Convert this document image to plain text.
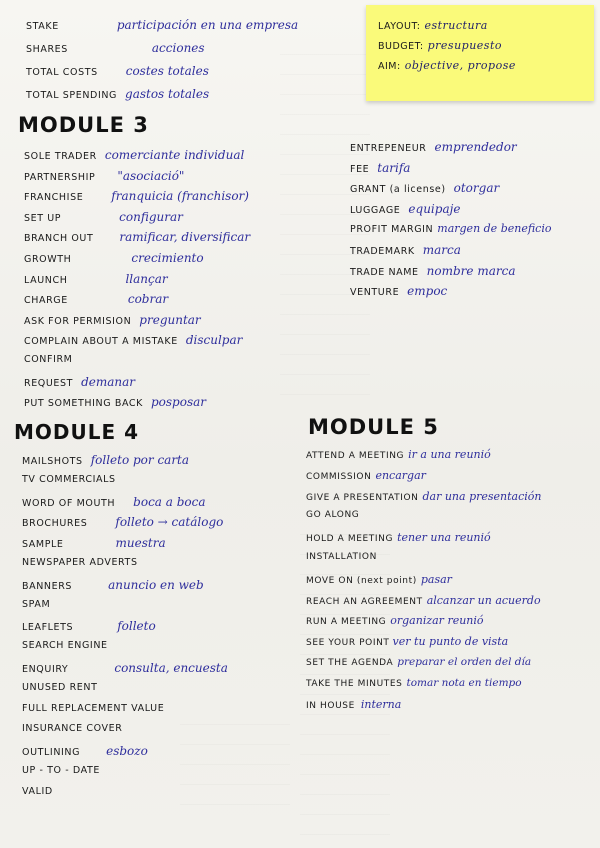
STAKE	participación en una empresa
SHARES	acciones
TOTAL COSTS costes totales
TOTAL SPENDING gastos totales
LAYOUT: estructura
BUDGET: presupuesto
AIM: objective, propose
MODULE 3
SOLE TRADER comerciante individual
PARTNERSHIP "asociació"
FRANCHISE franquicia (franchisor)
SET UP	configurar
BRANCH OUT ramificar, diversificar
GROWTH	crecimiento
LAUNCH	llançar
CHARGE	cobrar
ASK FOR PERMISION preguntar
COMPLAIN ABOUT A MISTAKE disculpar
CONFIRM
REQUEST demanar
PUT SOMETHING BACK posposar
ENTREPENEUR emprendedor
FEE tarifa
GRANT (a license) otorgar
LUGGAGE equipaje
PROFIT MARGIN margen de beneficio
TRADEMARK marca
TRADE NAME nombre marca
VENTURE empoc
MODULE 4
MAILSHOTS folleto por carta
TV COMMERCIALS
WORD OF MOUTH boca a boca
BROCHURES folleto → catálogo
SAMPLE	muestra
NEWSPAPER ADVERTS
BANNERS	anuncio en web
SPAM
LEAFLETS	folleto
SEARCH ENGINE
ENQUIRY	consulta, encuesta
UNUSED RENT
FULL REPLACEMENT VALUE
INSURANCE COVER
OUTLINING esbozo
UP - TO - DATE
VALID
MODULE 5
ATTEND A MEETING ir a una reunió
COMMISSION encargar
GIVE A PRESENTATION dar una presentación
GO ALONG
HOLD A MEETING tener una reunió
INSTALLATION
MOVE ON (next point) pasar
REACH AN AGREEMENT alcanzar un acuerdo
RUN A MEETING organizar reunió
SEE YOUR POINT ver tu punto de vista
SET THE AGENDA preparar el orden del día
TAKE THE MINUTES tomar nota en tiempo
IN HOUSE interna
